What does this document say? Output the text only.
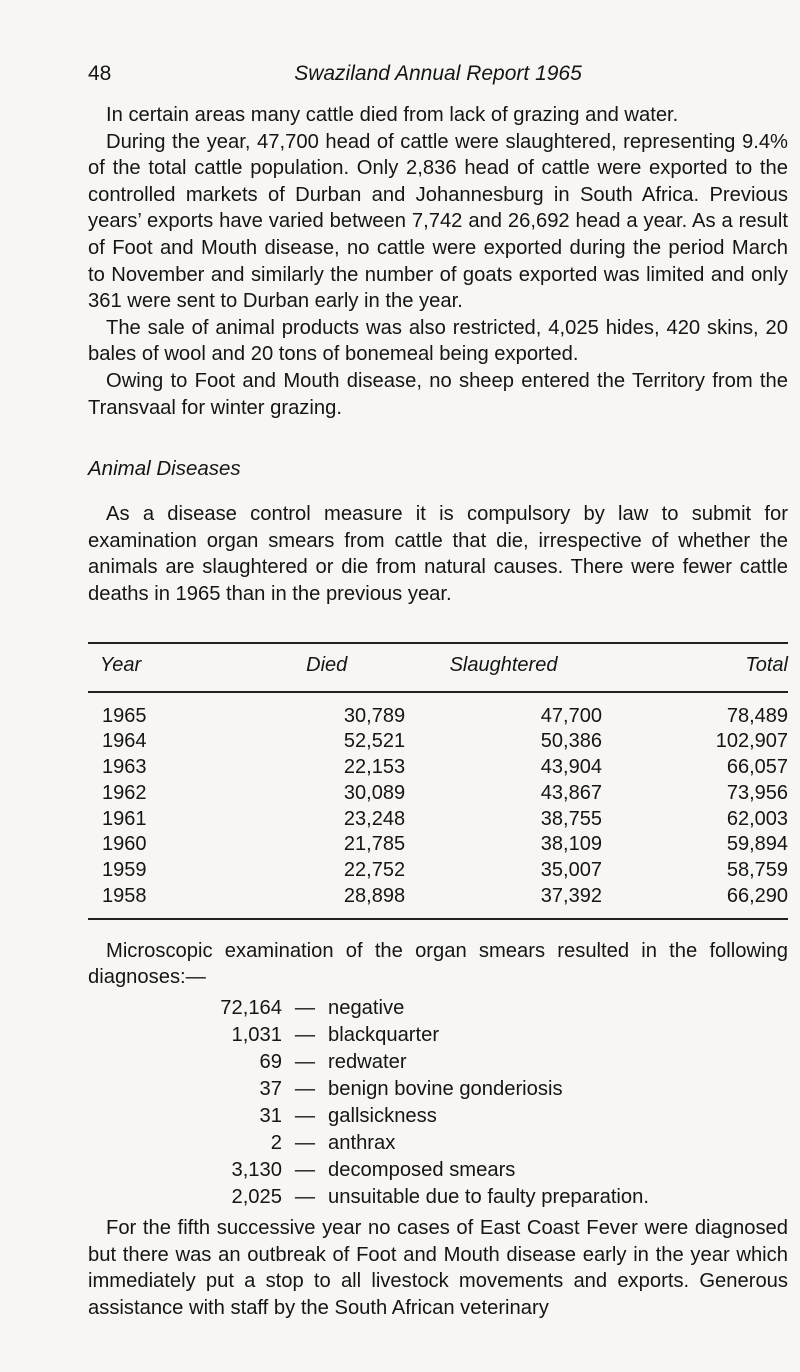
48	Swaziland Annual Report 1965

In certain areas many cattle died from lack of grazing and water.

During the year, 47,700 head of cattle were slaughtered, representing 9.4% of the total cattle population. Only 2,836 head of cattle were exported to the controlled markets of Durban and Johannesburg in South Africa. Previous years’ exports have varied between 7,742 and 26,692 head a year. As a result of Foot and Mouth disease, no cattle were exported during the period March to November and similarly the number of goats exported was limited and only 361 were sent to Durban early in the year.

The sale of animal products was also restricted, 4,025 hides, 420 skins, 20 bales of wool and 20 tons of bonemeal being exported.

Owing to Foot and Mouth disease, no sheep entered the Territory from the Transvaal for winter grazing.

Animal Diseases

As a disease control measure it is compulsory by law to submit for examination organ smears from cattle that die, irrespective of whether the animals are slaughtered or die from natural causes. There were fewer cattle deaths in 1965 than in the previous year.

Year	Died	Slaughtered	Total
1965	30,789	47,700	78,489
1964	52,521	50,386	102,907
1963	22,153	43,904	66,057
1962	30,089	43,867	73,956
1961	23,248	38,755	62,003
1960	21,785	38,109	59,894
1959	22,752	35,007	58,759
1958	28,898	37,392	66,290

Microscopic examination of the organ smears resulted in the following diagnoses:—

72,164 — negative
1,031 — blackquarter
69 — redwater
37 — benign bovine gonderiosis
31 — gallsickness
2 — anthrax
3,130 — decomposed smears
2,025 — unsuitable due to faulty preparation.

For the fifth successive year no cases of East Coast Fever were diagnosed but there was an outbreak of Foot and Mouth disease early in the year which immediately put a stop to all livestock movements and exports. Generous assistance with staff by the South African veterinary
